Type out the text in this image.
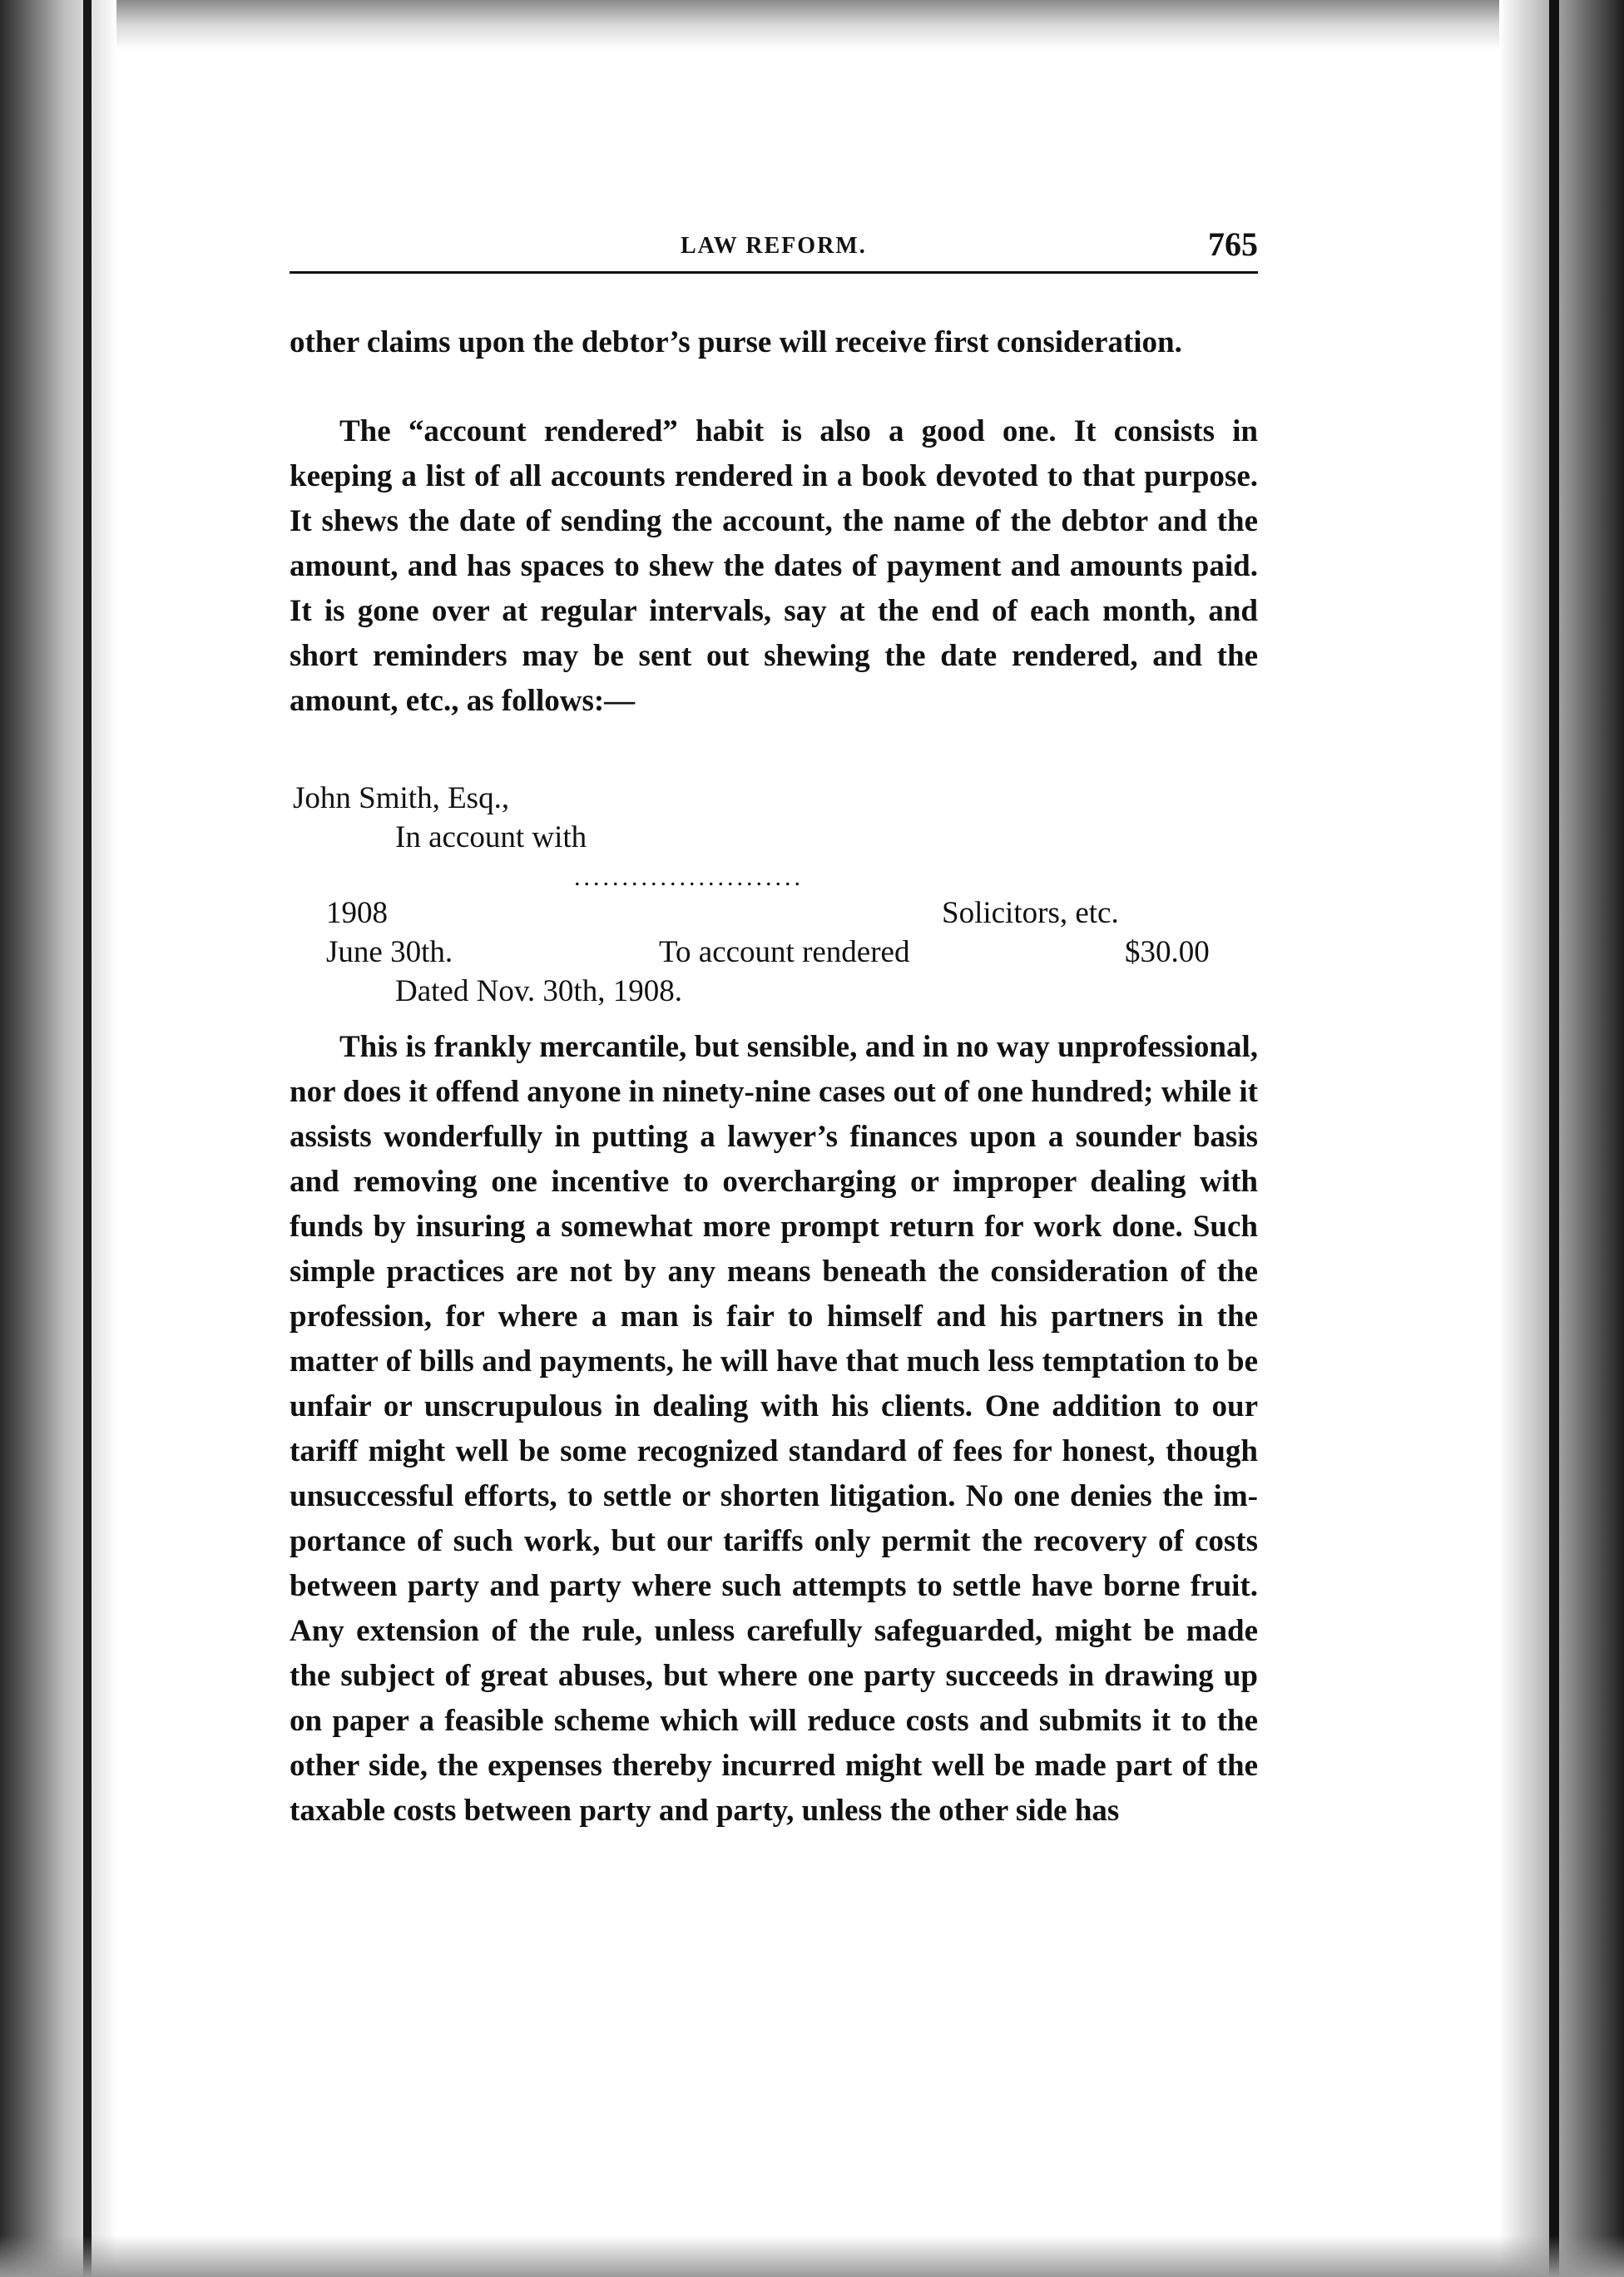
LAW REFORM.	765

other claims upon the debtor’s purse will receive first consideration.

The “account rendered” habit is also a good one. It consists in keeping a list of all accounts rendered in a book devoted to that purpose. It shews the date of sending the account, the name of the debtor and the amount, and has spaces to shew the dates of payment and amounts paid. It is gone over at regular intervals, say at the end of each month, and short reminders may be sent out shewing the date rendered, and the amount, etc., as follows:—

John Smith, Esq.,
In account with
........................
1908	Solicitors, etc.
June 30th.	To account rendered	$30.00
Dated Nov. 30th, 1908.

This is frankly mercantile, but sensible, and in no way unprofessional, nor does it offend anyone in ninety-nine cases out of one hundred; while it assists wonderfully in putting a lawyer’s finances upon a sounder basis and removing one incentive to overcharging or improper dealing with funds by insuring a somewhat more prompt return for work done. Such simple practices are not by any means beneath the consideration of the profession, for where a man is fair to himself and his partners in the matter of bills and payments, he will have that much less temptation to be unfair or unscrupulous in dealing with his clients. One addition to our tariff might well be some recognized standard of fees for honest, though unsuccessful efforts, to settle or shorten litigation. No one denies the importance of such work, but our tariffs only permit the recovery of costs between party and party where such attempts to settle have borne fruit. Any extension of the rule, unless carefully safeguarded, might be made the subject of great abuses, but where one party succeeds in drawing up on paper a feasible scheme which will reduce costs and submits it to the other side, the expenses thereby incurred might well be made part of the taxable costs between party and party, unless the other side has
